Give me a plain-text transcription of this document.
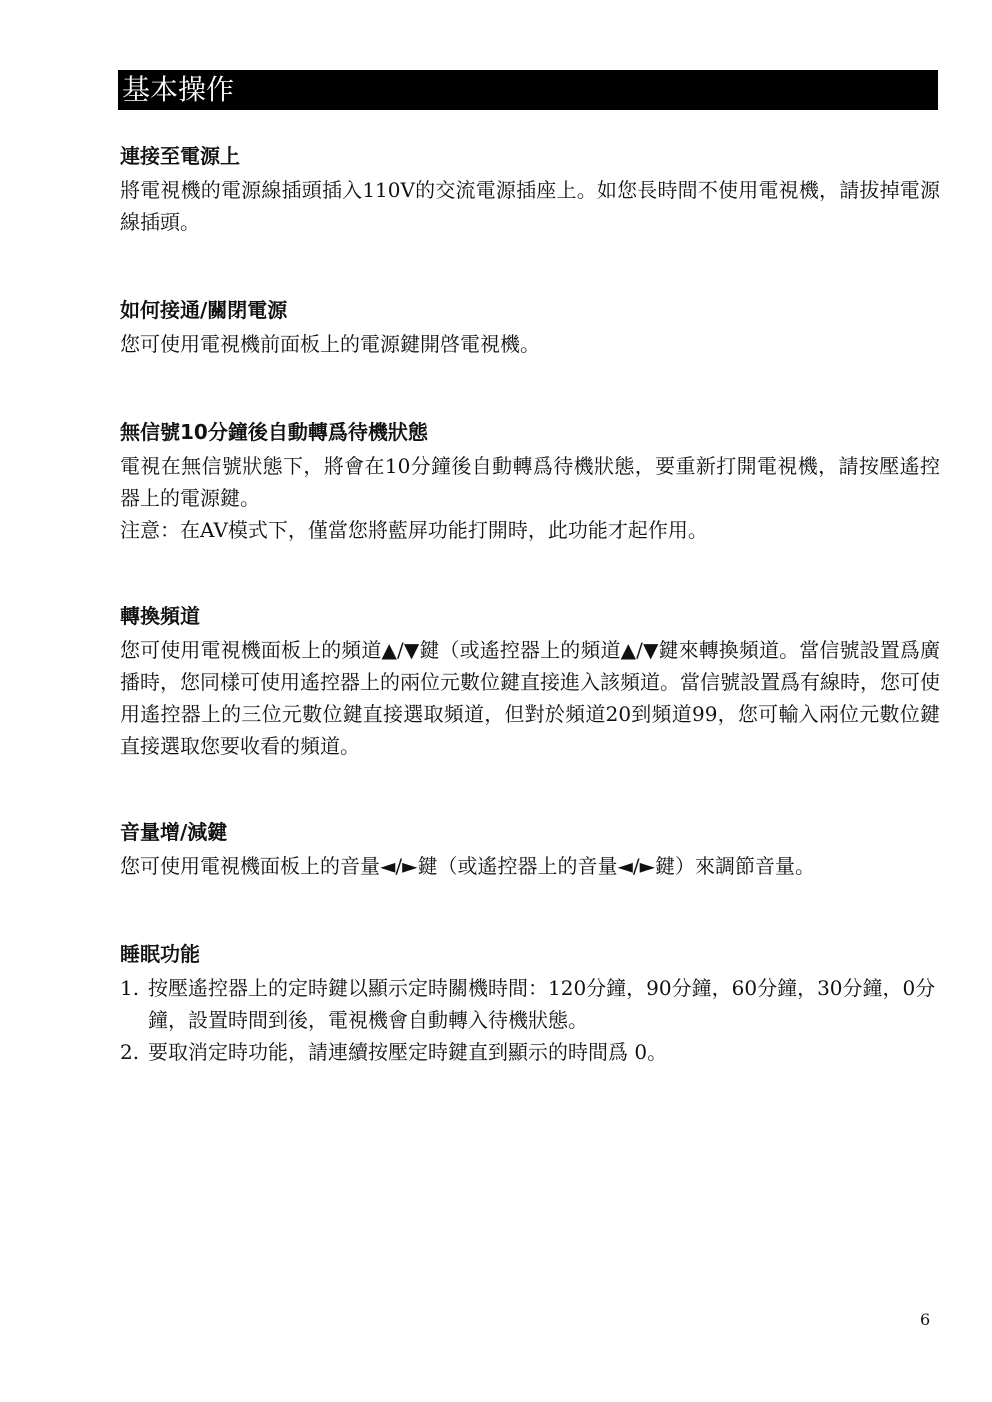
基本操作
連接至電源上

將電視機的電源線插頭插入110V的交流電源插座上。如您長時間不使用電視機，請拔掉電源線插頭。

如何接通/關閉電源

您可使用電視機前面板上的電源鍵開啓電視機。

無信號10分鐘後自動轉爲待機狀態

電視在無信號狀態下，將會在10分鐘後自動轉爲待機狀態，要重新打開電視機，請按壓遙控器上的電源鍵。

注意：在AV模式下，僅當您將藍屏功能打開時，此功能才起作用。

轉換頻道

您可使用電視機面板上的頻道▲/▼鍵（或遙控器上的頻道▲/▼鍵來轉換頻道。當信號設置爲廣播時，您同樣可使用遙控器上的兩位元數位鍵直接進入該頻道。當信號設置爲有線時，您可使用遙控器上的三位元數位鍵直接選取頻道，但對於頻道20到頻道99，您可輸入兩位元數位鍵直接選取您要收看的頻道。

音量增/減鍵

您可使用電視機面板上的音量◄/►鍵（或遙控器上的音量◄/►鍵）來調節音量。

睡眠功能
1. 按壓遙控器上的定時鍵以顯示定時關機時間：120分鐘，90分鐘，60分鐘，30分鐘，0分鐘，設置時間到後，電視機會自動轉入待機狀態。
2. 要取消定時功能，請連續按壓定時鍵直到顯示的時間爲 0。
6
